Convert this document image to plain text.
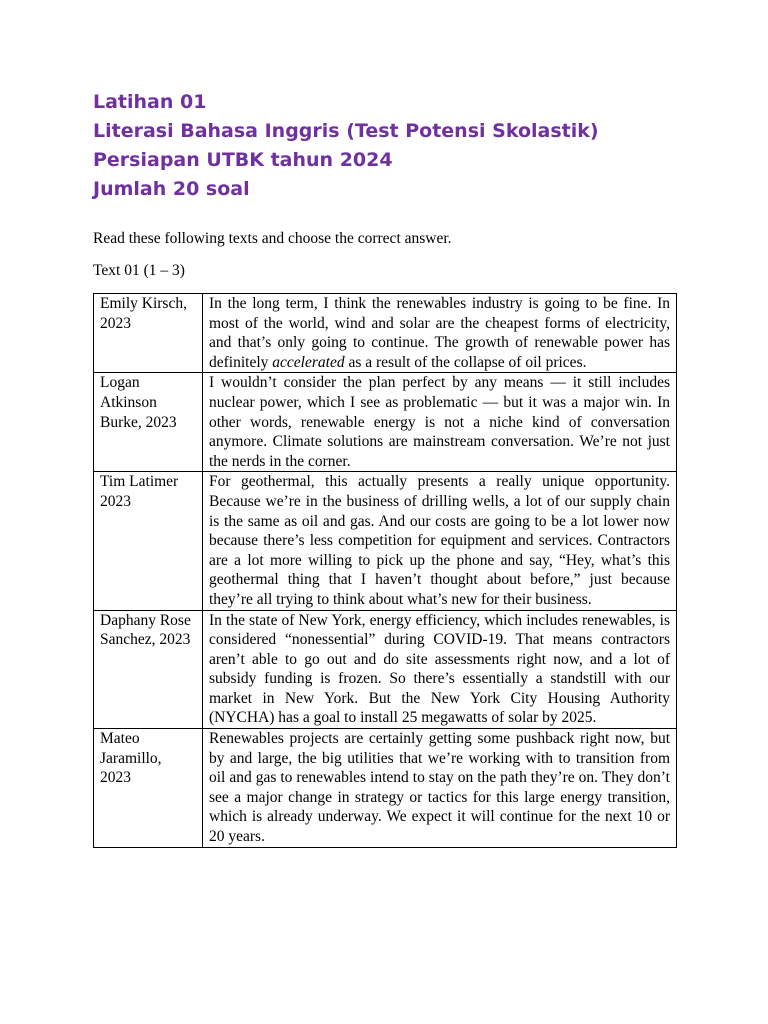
Latihan 01

Literasi Bahasa Inggris (Test Potensi Skolastik)

Persiapan UTBK tahun 2024

Jumlah 20 soal

Read these following texts and choose the correct answer.

Text 01 (1 – 3)

Emily Kirsch, 2023	In the long term, I think the renewables industry is going to be fine. In most of the world, wind and solar are the cheapest forms of electricity, and that’s only going to continue. The growth of renewable power has definitely accelerated as a result of the collapse of oil prices.
Logan Atkinson Burke, 2023	I wouldn’t consider the plan perfect by any means — it still includes nuclear power, which I see as problematic — but it was a major win. In other words, renewable energy is not a niche kind of conversation anymore. Climate solutions are mainstream conversation. We’re not just the nerds in the corner.
Tim Latimer 2023	For geothermal, this actually presents a really unique opportunity. Because we’re in the business of drilling wells, a lot of our supply chain is the same as oil and gas. And our costs are going to be a lot lower now because there’s less competition for equipment and services. Contractors are a lot more willing to pick up the phone and say, “Hey, what’s this geothermal thing that I haven’t thought about before,” just because they’re all trying to think about what’s new for their business.
Daphany Rose Sanchez, 2023	In the state of New York, energy efficiency, which includes renewables, is considered “nonessential” during COVID-19. That means contractors aren’t able to go out and do site assessments right now, and a lot of subsidy funding is frozen. So there’s essentially a standstill with our market in New York. But the New York City Housing Authority (NYCHA) has a goal to install 25 megawatts of solar by 2025.
Mateo Jaramillo, 2023	Renewables projects are certainly getting some pushback right now, but by and large, the big utilities that we’re working with to transition from oil and gas to renewables intend to stay on the path they’re on. They don’t see a major change in strategy or tactics for this large energy transition, which is already underway. We expect it will continue for the next 10 or 20 years.
